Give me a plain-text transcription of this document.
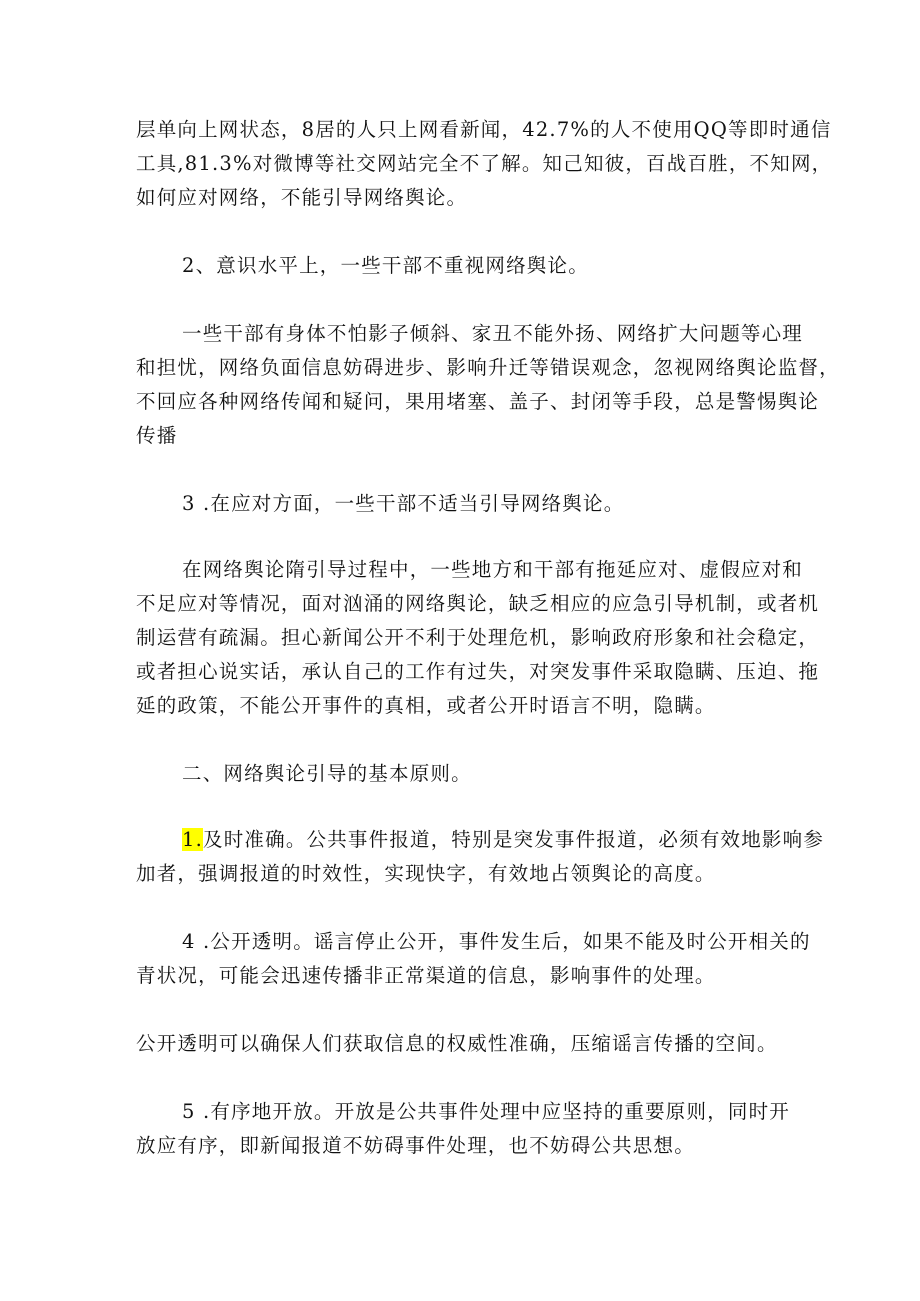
层单向上网状态，8居的人只上网看新闻，42.7%的人不使用QQ等即时通信
工具,81.3%对微博等社交网站完全不了解。知己知彼，百战百胜，不知网，
如何应对网络，不能引导网络舆论。
2、意识水平上，一些干部不重视网络舆论。
一些干部有身体不怕影子倾斜、家丑不能外扬、网络扩大问题等心理
和担忧，网络负面信息妨碍进步、影响升迁等错误观念，忽视网络舆论监督，
不回应各种网络传闻和疑问，果用堵塞、盖子、封闭等手段，总是警惕舆论
传播
3 .在应对方面，一些干部不适当引导网络舆论。
在网络舆论隋引导过程中，一些地方和干部有拖延应对、虚假应对和
不足应对等情况，面对汹涌的网络舆论，缺乏相应的应急引导机制，或者机
制运营有疏漏。担心新闻公开不利于处理危机，影响政府形象和社会稳定，
或者担心说实话，承认自己的工作有过失，对突发事件采取隐瞒、压迫、拖
延的政策，不能公开事件的真相，或者公开时语言不明，隐瞒。
二、网络舆论引导的基本原则。
1.及时准确。公共事件报道，特别是突发事件报道，必须有效地影响参
加者，强调报道的时效性，实现快字，有效地占领舆论的高度。
4 .公开透明。谣言停止公开，事件发生后，如果不能及时公开相关的
青状况，可能会迅速传播非正常渠道的信息，影响事件的处理。
公开透明可以确保人们获取信息的权威性准确，压缩谣言传播的空间。
5 .有序地开放。开放是公共事件处理中应坚持的重要原则，同时开
放应有序，即新闻报道不妨碍事件处理，也不妨碍公共思想。
